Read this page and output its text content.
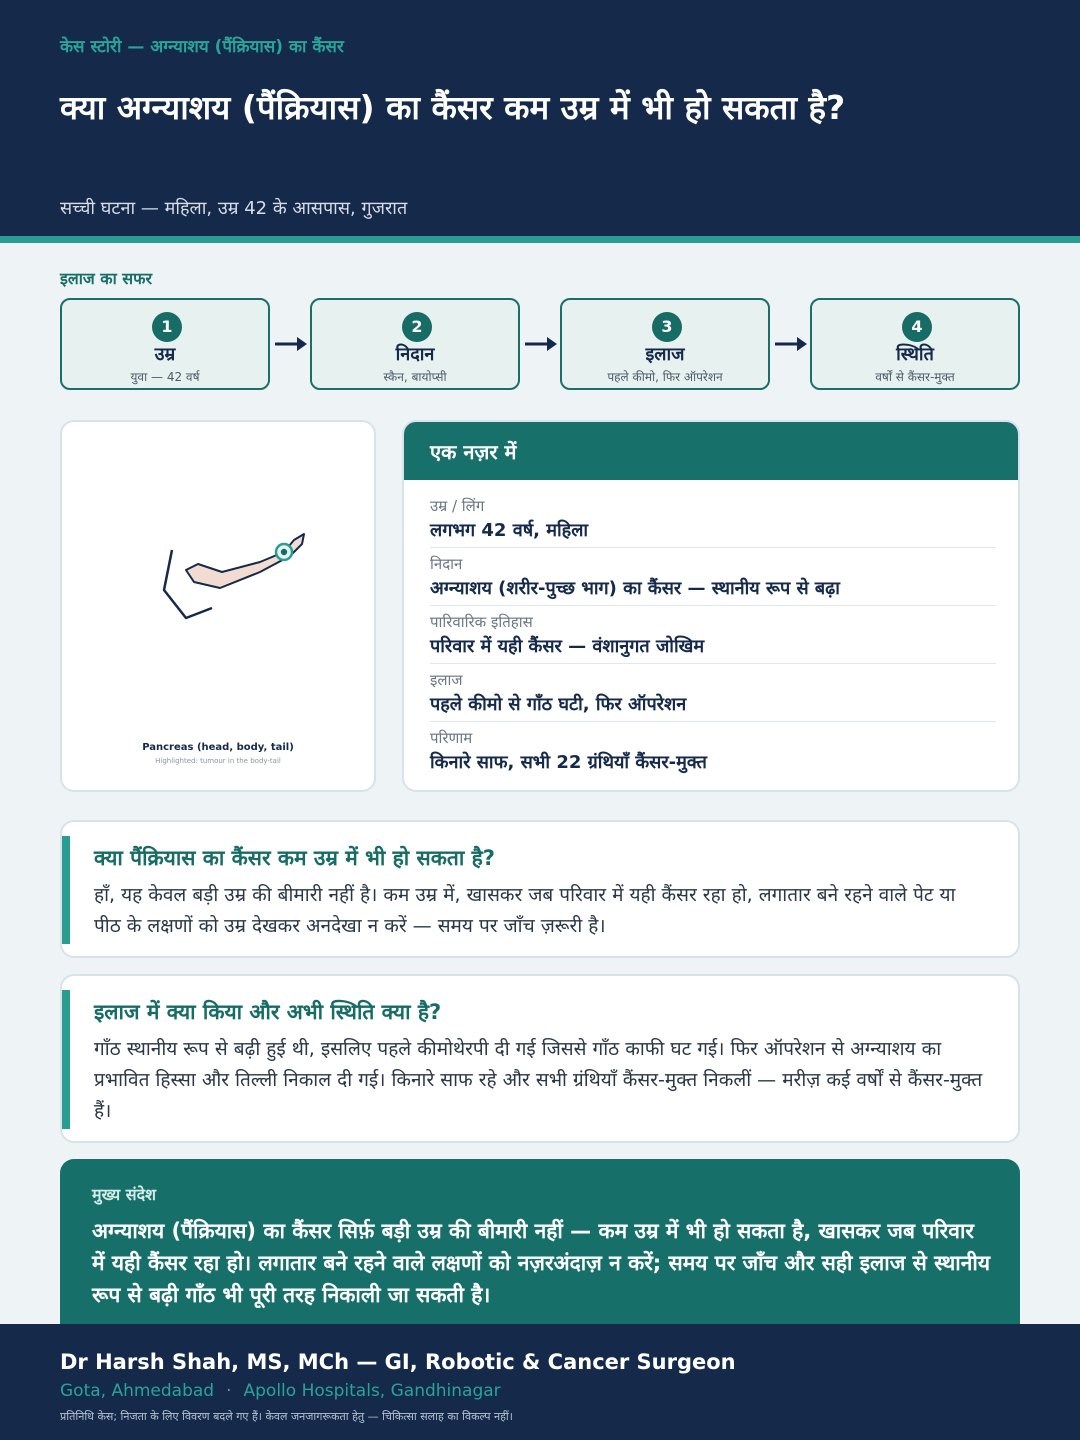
केस स्टोरी — अग्न्याशय (पैंक्रियास) का कैंसर
क्या अग्न्याशय (पैंक्रियास) का कैंसर कम उम्र में भी हो सकता है?
सच्ची घटना — महिला, उम्र 42 के आसपास, गुजरात
इलाज का सफर
1
उम्र
युवा — 42 वर्ष
2
निदान
स्कैन, बायोप्सी
3
इलाज
पहले कीमो, फिर ऑपरेशन
4
स्थिति
वर्षों से कैंसर-मुक्त
Pancreas (head, body, tail)
Highlighted: tumour in the body-tail
एक नज़र में
उम्र / लिंग
लगभग 42 वर्ष, महिला
निदान
अग्न्याशय (शरीर-पुच्छ भाग) का कैंसर — स्थानीय रूप से बढ़ा
पारिवारिक इतिहास
परिवार में यही कैंसर — वंशानुगत जोखिम
इलाज
पहले कीमो से गाँठ घटी, फिर ऑपरेशन
परिणाम
किनारे साफ, सभी 22 ग्रंथियाँ कैंसर-मुक्त
क्या पैंक्रियास का कैंसर कम उम्र में भी हो सकता है?
हाँ, यह केवल बड़ी उम्र की बीमारी नहीं है। कम उम्र में, खासकर जब परिवार में यही कैंसर रहा हो, लगातार बने रहने वाले पेट या पीठ के लक्षणों को उम्र देखकर अनदेखा न करें — समय पर जाँच ज़रूरी है।
इलाज में क्या किया और अभी स्थिति क्या है?
गाँठ स्थानीय रूप से बढ़ी हुई थी, इसलिए पहले कीमोथेरपी दी गई जिससे गाँठ काफी घट गई। फिर ऑपरेशन से अग्न्याशय का प्रभावित हिस्सा और तिल्ली निकाल दी गई। किनारे साफ रहे और सभी ग्रंथियाँ कैंसर-मुक्त निकलीं — मरीज़ कई वर्षों से कैंसर-मुक्त हैं।
मुख्य संदेश
अग्न्याशय (पैंक्रियास) का कैंसर सिर्फ़ बड़ी उम्र की बीमारी नहीं — कम उम्र में भी हो सकता है, खासकर जब परिवार में यही कैंसर रहा हो। लगातार बने रहने वाले लक्षणों को नज़रअंदाज़ न करें; समय पर जाँच और सही इलाज से स्थानीय रूप से बढ़ी गाँठ भी पूरी तरह निकाली जा सकती है।
Dr Harsh Shah, MS, MCh — GI, Robotic & Cancer Surgeon
Gota, Ahmedabad · Apollo Hospitals, Gandhinagar
प्रतिनिधि केस; निजता के लिए विवरण बदले गए हैं। केवल जनजागरूकता हेतु — चिकित्सा सलाह का विकल्प नहीं।
